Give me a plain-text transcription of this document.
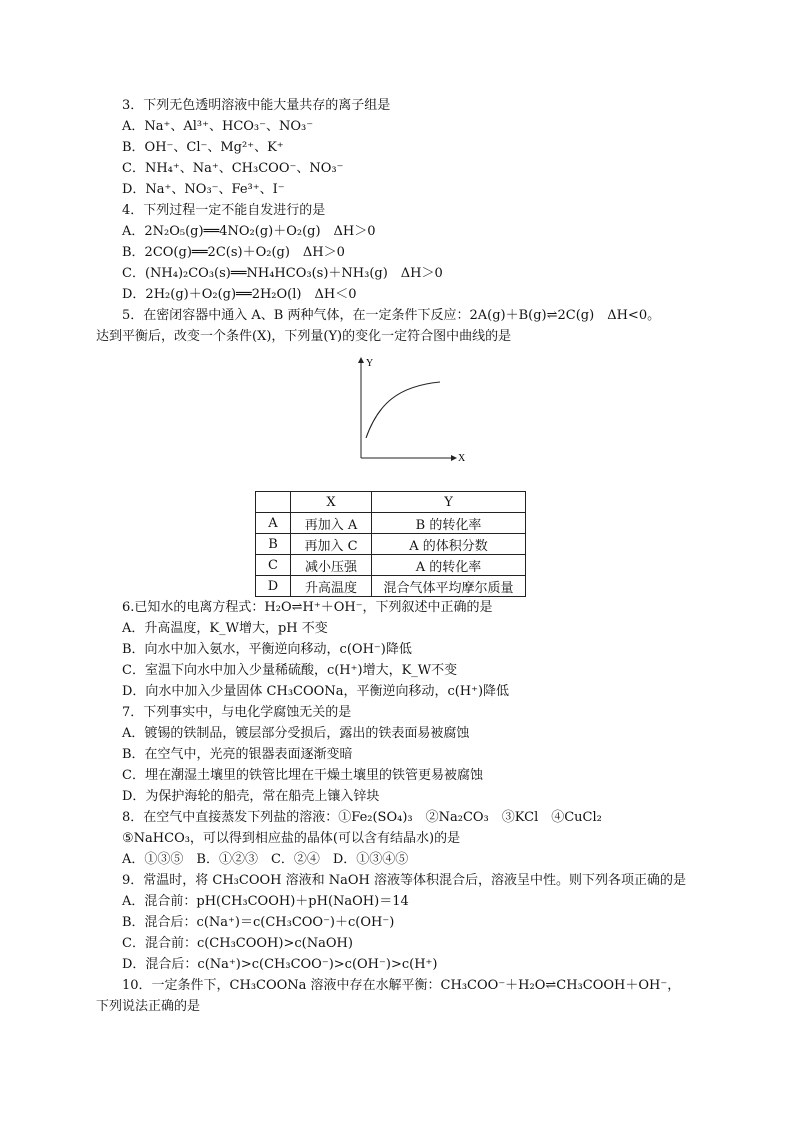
3．下列无色透明溶液中能大量共存的离子组是
A．Na⁺、Al³⁺、HCO₃⁻、NO₃⁻
B．OH⁻、Cl⁻、Mg²⁺、K⁺
C．NH₄⁺、Na⁺、CH₃COO⁻、NO₃⁻
D．Na⁺、NO₃⁻、Fe³⁺、I⁻
4．下列过程一定不能自发进行的是
A．2N₂O₅(g)══4NO₂(g)＋O₂(g)　ΔH＞0
B．2CO(g)══2C(s)＋O₂(g)　ΔH＞0
C．(NH₄)₂CO₃(s)══NH₄HCO₃(s)＋NH₃(g)　ΔH＞0
D．2H₂(g)＋O₂(g)══2H₂O(l)　ΔH＜0
5．在密闭容器中通入 A、B 两种气体，在一定条件下反应：2A(g)＋B(g)⇌2C(g)　ΔH<0。
达到平衡后，改变一个条件(X)，下列量(Y)的变化一定符合图中曲线的是
Y
X
	X	Y
A	再加入 A	B 的转化率
B	再加入 C	A 的体积分数
C	减小压强	A 的转化率
D	升高温度	混合气体平均摩尔质量
6.已知水的电离方程式：H₂O⇌H⁺＋OH⁻，下列叙述中正确的是
A．升高温度，K_W增大，pH 不变
B．向水中加入氨水，平衡逆向移动，c(OH⁻)降低
C．室温下向水中加入少量稀硫酸，c(H⁺)增大，K_W不变
D．向水中加入少量固体 CH₃COONa，平衡逆向移动，c(H⁺)降低
7．下列事实中，与电化学腐蚀无关的是
A．镀锡的铁制品，镀层部分受损后，露出的铁表面易被腐蚀
B．在空气中，光亮的银器表面逐渐变暗
C．埋在潮湿土壤里的铁管比埋在干燥土壤里的铁管更易被腐蚀
D．为保护海轮的船壳，常在船壳上镶入锌块
8．在空气中直接蒸发下列盐的溶液：①Fe₂(SO₄)₃　②Na₂CO₃　③KCl　④CuCl₂
⑤NaHCO₃，可以得到相应盐的晶体(可以含有结晶水)的是
A．①③⑤　B．①②③　C．②④　D．①③④⑤
9．常温时，将 CH₃COOH 溶液和 NaOH 溶液等体积混合后，溶液呈中性。则下列各项正确的是
A．混合前：pH(CH₃COOH)＋pH(NaOH)＝14
B．混合后：c(Na⁺)＝c(CH₃COO⁻)＋c(OH⁻)
C．混合前：c(CH₃COOH)>c(NaOH)
D．混合后：c(Na⁺)>c(CH₃COO⁻)>c(OH⁻)>c(H⁺)
10．一定条件下，CH₃COONa 溶液中存在水解平衡：CH₃COO⁻＋H₂O⇌CH₃COOH＋OH⁻，
下列说法正确的是
